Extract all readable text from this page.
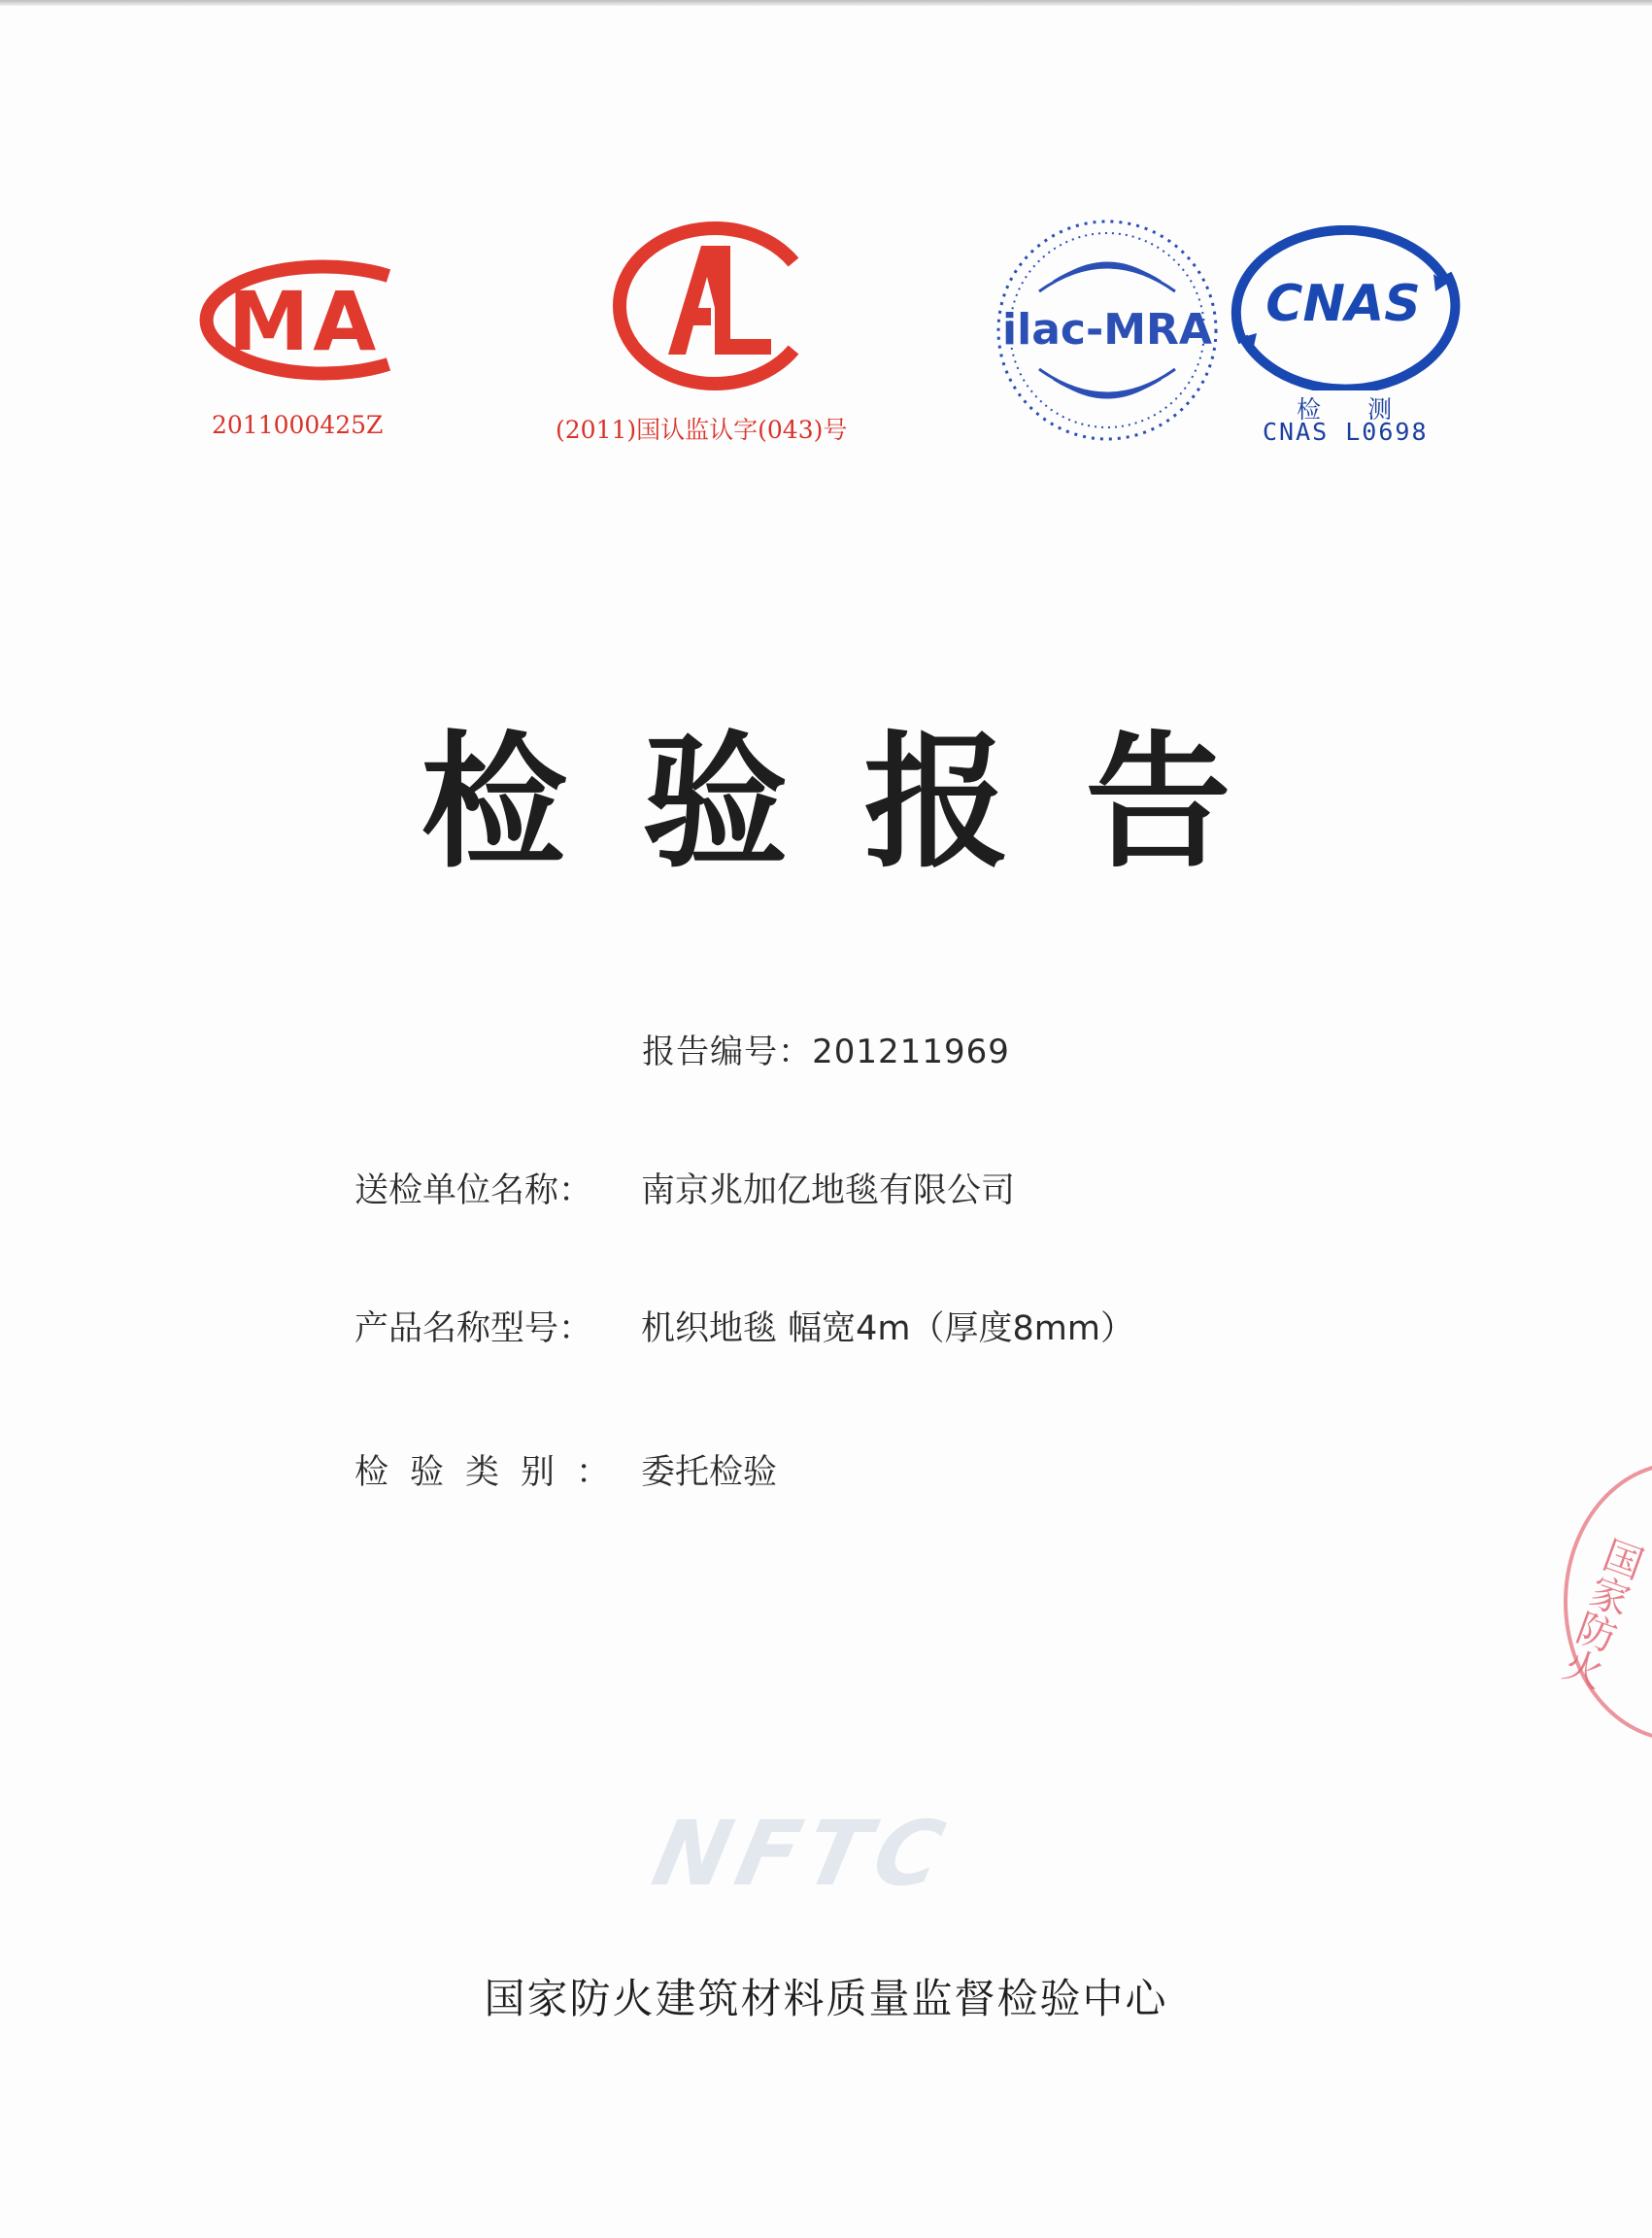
MA
2011000425Z	(2011)国认监认字(043)号
ilac-MRA CNAS
检  测
CNAS L0698
检验报告
报告编号：201211969
送检单位名称： 南京兆加亿地毯有限公司
产品名称型号： 机织地毯 幅宽4m（厚度8mm）
检验类别： 委托检验
国家防火
NFTC
国家防火建筑材料质量监督检验中心
